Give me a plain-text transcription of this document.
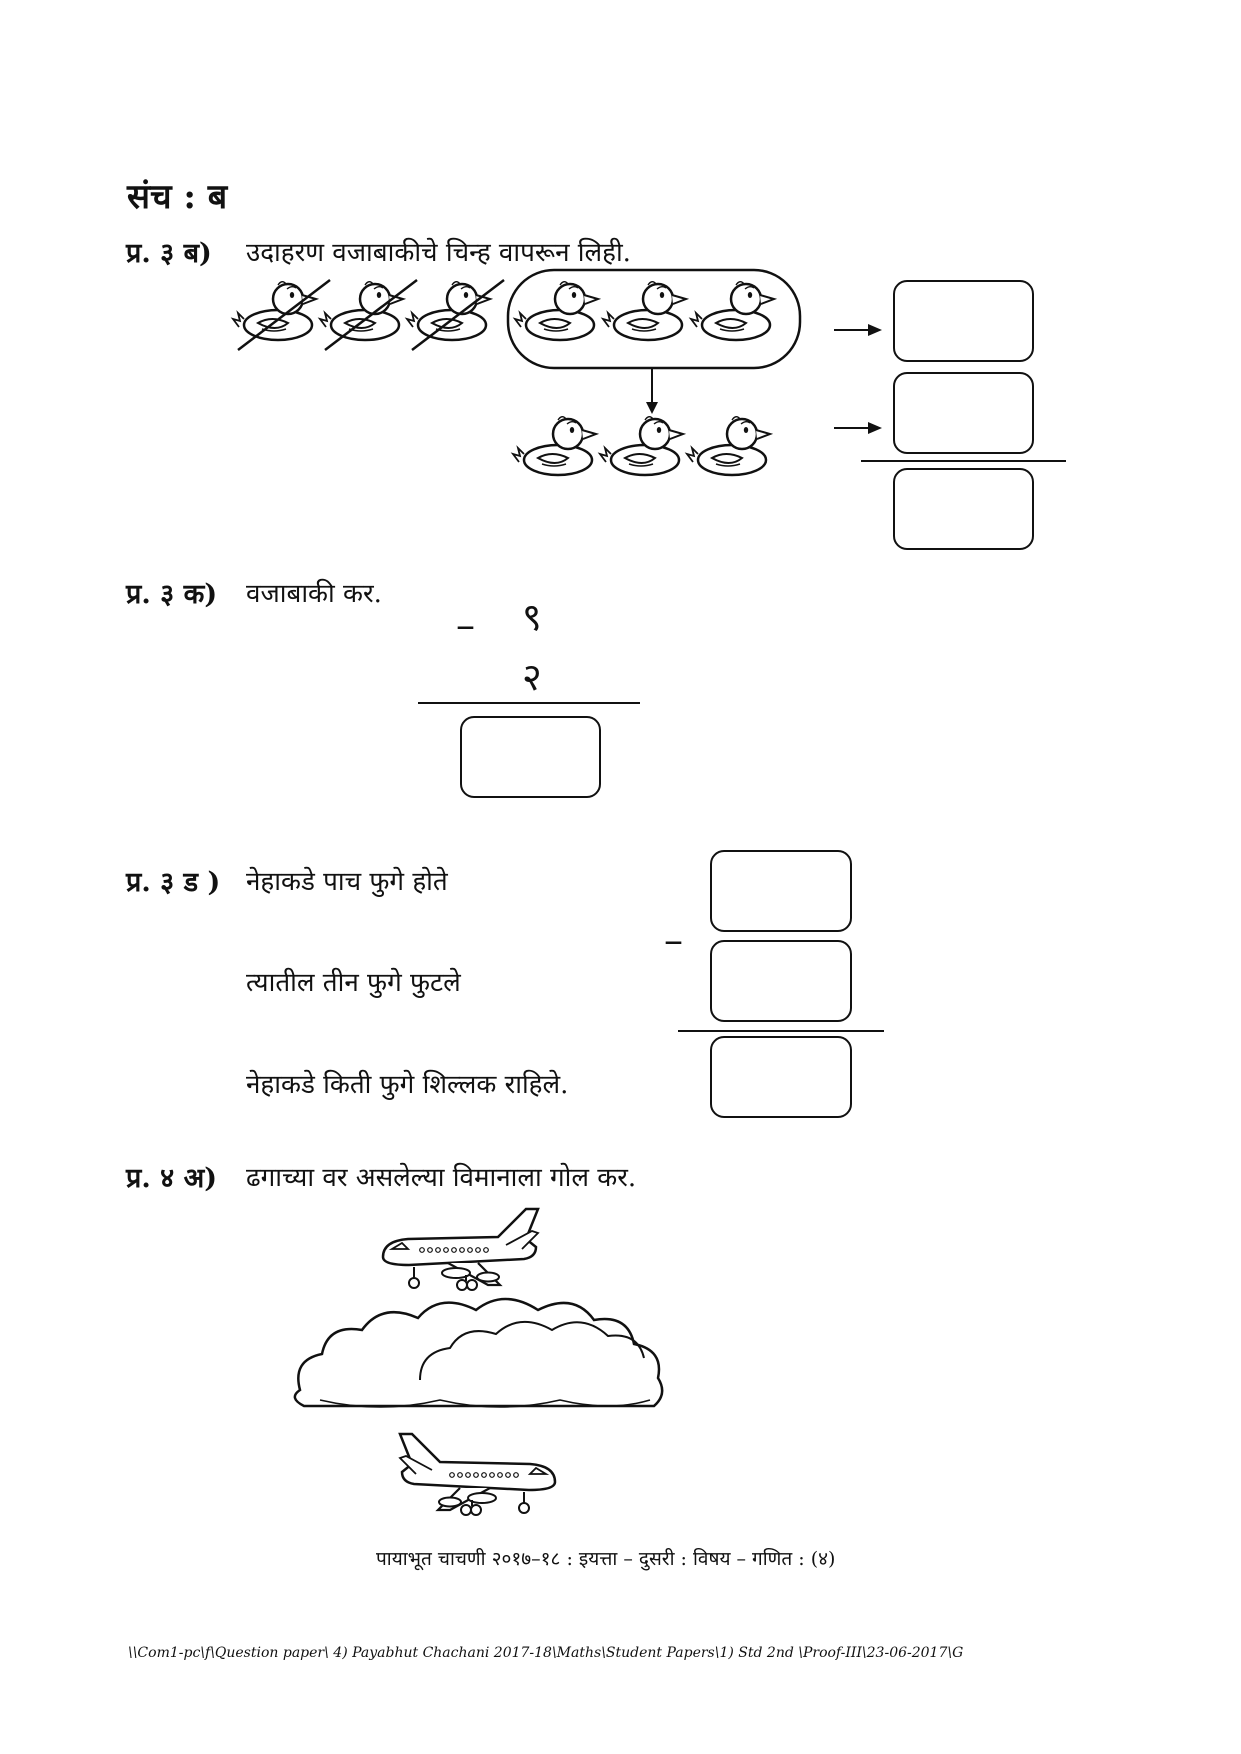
संच : ब
प्र. ३ ब) उदाहरण वजाबाकीचे चिन्ह वापरून लिही.
प्र. ३ क) वजाबाकी कर.
– ९
२
प्र. ३ ड ) नेहाकडे पाच फुगे होते
त्यातील तीन फुगे फुटले
नेहाकडे किती फुगे शिल्लक राहिले.
–
प्र. ४ अ) ढगाच्या वर असलेल्या विमानाला गोल कर.
पायाभूत चाचणी २०१७–१८ : इयत्ता – दुसरी : विषय – गणित : (४)
\\Com1-pc\f\Question paper\ 4) Payabhut Chachani 2017-18\Maths\Student Papers\1) Std 2nd \Proof-III\23-06-2017\G
